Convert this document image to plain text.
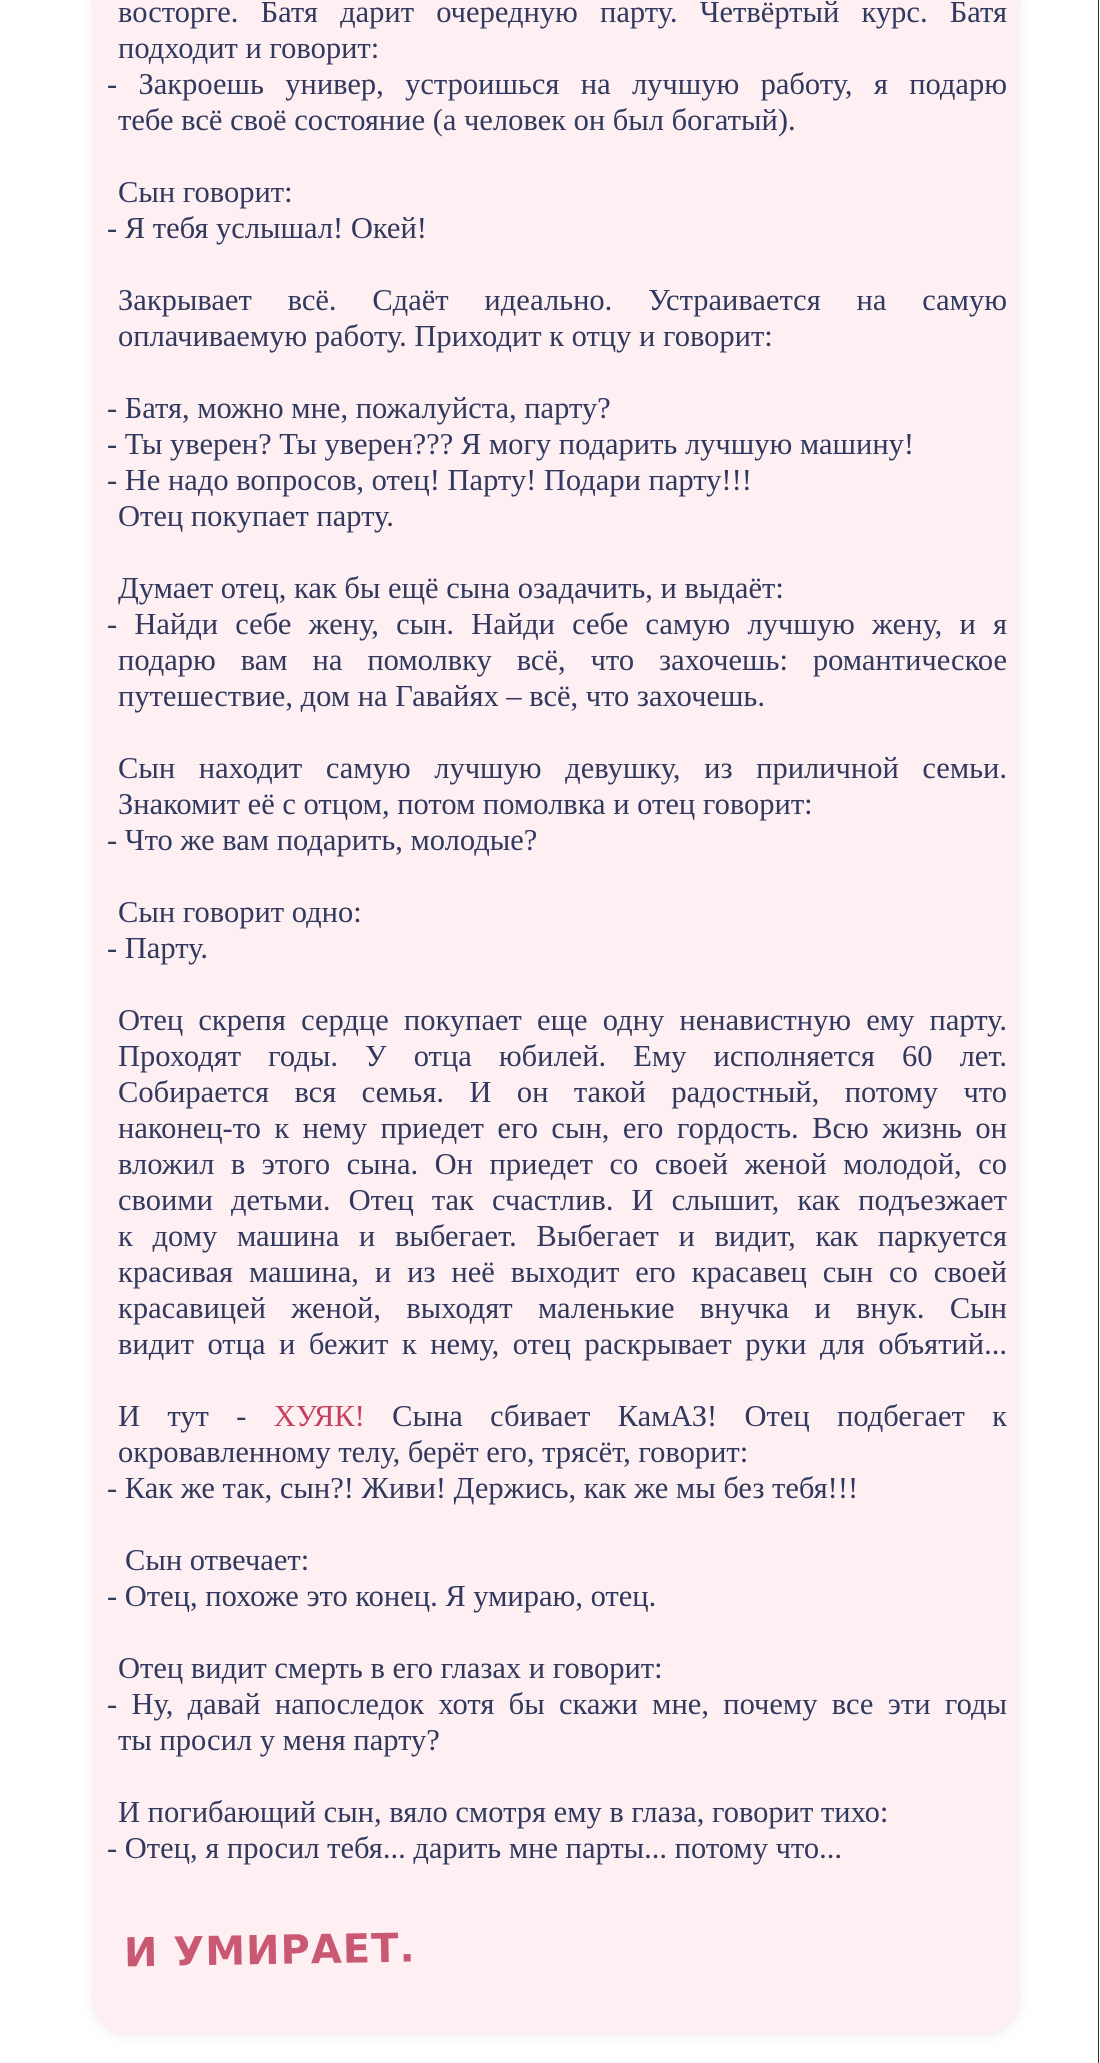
восторге. Батя дарит очередную парту. Четвёртый курс. Батя
подходит и говорит:
- Закроешь универ, устроишься на лучшую работу, я подарю
тебе всё своё состояние (а человек он был богатый).
Сын говорит:
- Я тебя услышал! Окей!
Закрывает всё. Сдаёт идеально. Устраивается на самую
оплачиваемую работу. Приходит к отцу и говорит:
- Батя, можно мне, пожалуйста, парту?
- Ты уверен? Ты уверен??? Я могу подарить лучшую машину!
- Не надо вопросов, отец! Парту! Подари парту!!!
Отец покупает парту.
Думает отец, как бы ещё сына озадачить, и выдаёт:
- Найди себе жену, сын. Найди себе самую лучшую жену, и я
подарю вам на помолвку всё, что захочешь: романтическое
путешествие, дом на Гавайях – всё, что захочешь.
Сын находит самую лучшую девушку, из приличной семьи.
Знакомит её с отцом, потом помолвка и отец говорит:
- Что же вам подарить, молодые?
Сын говорит одно:
- Парту.
Отец скрепя сердце покупает еще одну ненавистную ему парту.
Проходят годы. У отца юбилей. Ему исполняется 60 лет.
Собирается вся семья. И он такой радостный, потому что
наконец-то к нему приедет его сын, его гордость. Всю жизнь он
вложил в этого сына. Он приедет со своей женой молодой, со
своими детьми. Отец так счастлив. И слышит, как подъезжает
к дому машина и выбегает. Выбегает и видит, как паркуется
красивая машина, и из неё выходит его красавец сын со своей
красавицей женой, выходят маленькие внучка и внук. Сын
видит отца и бежит к нему, отец раскрывает руки для объятий...
И тут - ХУЯК! Сына сбивает КамАЗ! Отец подбегает к
окровавленному телу, берёт его, трясёт, говорит:
- Как же так, сын?! Живи! Держись, как же мы без тебя!!!
Сын отвечает:
- Отец, похоже это конец. Я умираю, отец.
Отец видит смерть в его глазах и говорит:
- Ну, давай напоследок хотя бы скажи мне, почему все эти годы
ты просил у меня парту?
И погибающий сын, вяло смотря ему в глаза, говорит тихо:
- Отец, я просил тебя... дарить мне парты... потому что...
И УМИРАЕТ.
